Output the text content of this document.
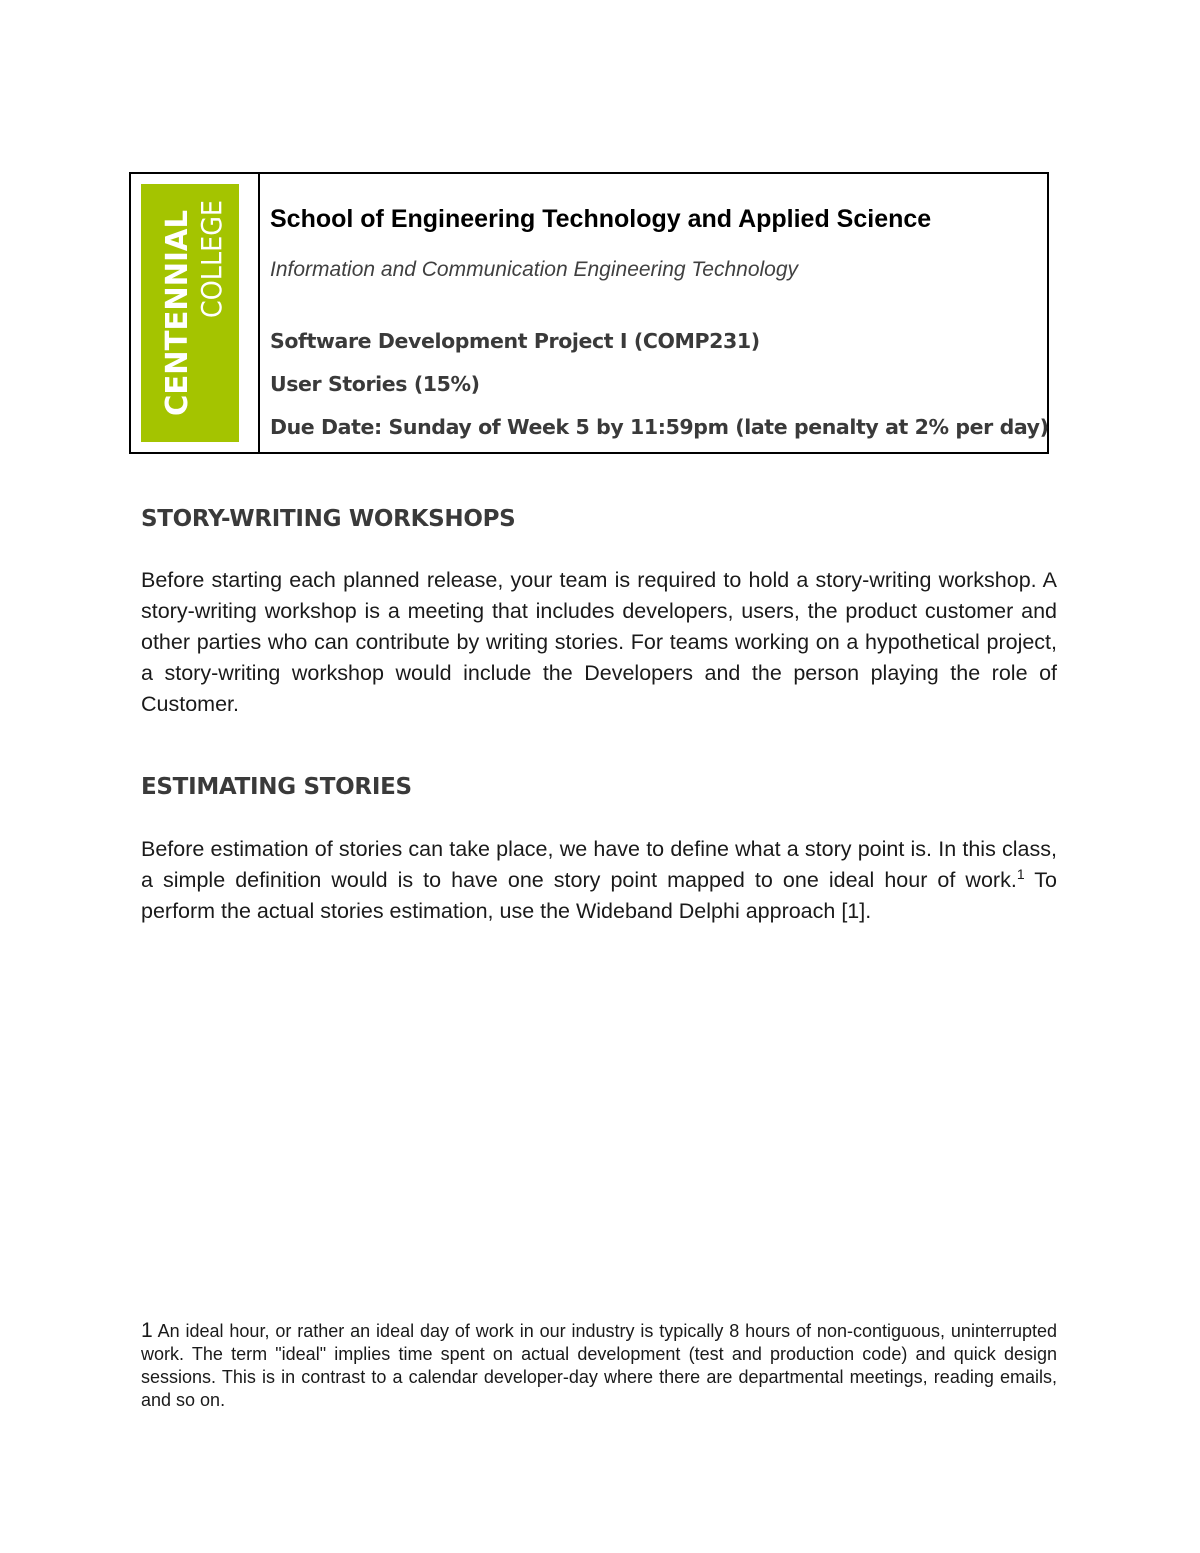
CENTENNIAL COLLEGE School of Engineering Technology and Applied Science
Information and Communication Engineering Technology
Software Development Project I (COMP231)
User Stories (15%)
Due Date: Sunday of Week 5 by 11:59pm (late penalty at 2% per day)
STORY-WRITING WORKSHOPS
Before starting each planned release, your team is required to hold a story-writing workshop. A story-writing workshop is a meeting that includes developers, users, the product customer and other parties who can contribute by writing stories. For teams working on a hypothetical project, a story-writing workshop would include the Developers and the person playing the role of Customer.
ESTIMATING STORIES
Before estimation of stories can take place, we have to define what a story point is. In this class, a simple definition would is to have one story point mapped to one ideal hour of work.$^1$ To perform the actual stories estimation, use the Wideband Delphi approach [1].
1 An ideal hour, or rather an ideal day of work in our industry is typically 8 hours of non-contiguous, uninterrupted work. The term "ideal" implies time spent on actual development (test and production code) and quick design sessions. This is in contrast to a calendar developer-day where there are departmental meetings, reading emails, and so on.
